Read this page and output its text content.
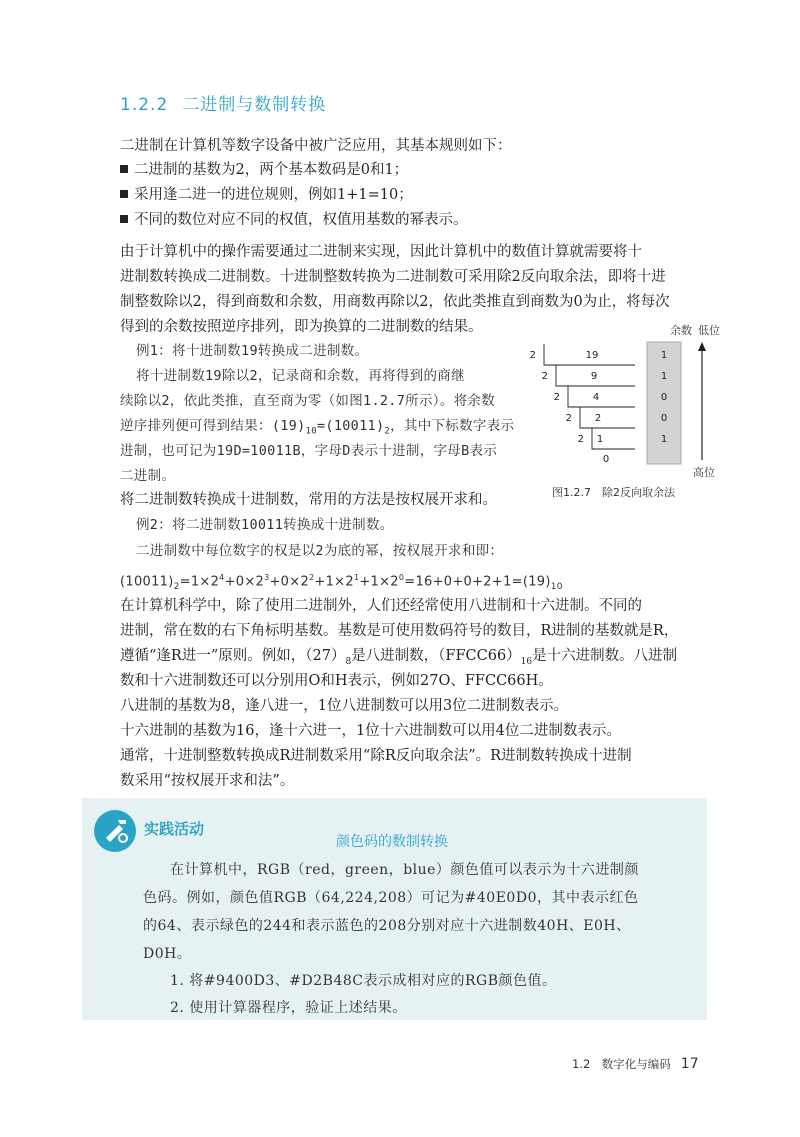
1.2.2 二进制与数制转换
二进制在计算机等数字设备中被广泛应用，其基本规则如下：
二进制的基数为2，两个基本数码是0和1；
采用逢二进一的进位规则，例如1+1=10；
不同的数位对应不同的权值，权值用基数的幂表示。
由于计算机中的操作需要通过二进制来实现，因此计算机中的数值计算就需要将十
进制数转换成二进制数。十进制整数转换为二进制数可采用除2反向取余法，即将十进
制整数除以2，得到商数和余数，用商数再除以2，依此类推直到商数为0为止，将每次
得到的余数按照逆序排列，即为换算的二进制数的结果。
例1：将十进制数19转换成二进制数。
将十进制数19除以2，记录商和余数，再将得到的商继
续除以2，依此类推，直至商为零（如图1.2.7所示）。将余数
逆序排列便可得到结果：$(19)_{10}=(10011)_2$，其中下标数字表示
进制，也可记为19D=10011B，字母D表示十进制，字母B表示
二进制。
余数 低位
高位
2	19	1
2	9	1
2	4	0
2 2	0
2 1	1
0
图1.2.7　除2反向取余法
将二进制数转换成十进制数，常用的方法是按权展开求和。
例2：将二进制数10011转换成十进制数。
二进制数中每位数字的权是以2为底的幂，按权展开求和即：
$(10011)_2=1\times 2^4+0\times 2^3+0\times 2^2+1\times 2^1+1\times 2^0=16+0+0+2+1=(19)_{10}$
在计算机科学中，除了使用二进制外，人们还经常使用八进制和十六进制。不同的
进制，常在数的右下角标明基数。基数是可使用数码符号的数目，R进制的基数就是R，
遵循“逢R进一”原则。例如，$(27)_8$是八进制数，$(FFCC66)_{16}$是十六进制数。八进制
数和十六进制数还可以分别用O和H表示，例如27O、FFCC66H。
八进制的基数为8，逢八进一，1位八进制数可以用3位二进制数表示。
十六进制的基数为16，逢十六进一，1位十六进制数可以用4位二进制数表示。
通常，十进制整数转换成R进制数采用“除R反向取余法”。R进制数转换成十进制
数采用“按权展开求和法”。
实践活动
颜色码的数制转换
在计算机中，RGB（red，green，blue）颜色值可以表示为十六进制颜
色码。例如，颜色值RGB（64,224,208）可记为#40E0D0，其中表示红色
的64、表示绿色的244和表示蓝色的208分别对应十六进制数40H、E0H、
D0H。
1. 将#9400D3、#D2B48C表示成相对应的RGB颜色值。
2. 使用计算器程序，验证上述结果。
1.2　数字化与编码 17
